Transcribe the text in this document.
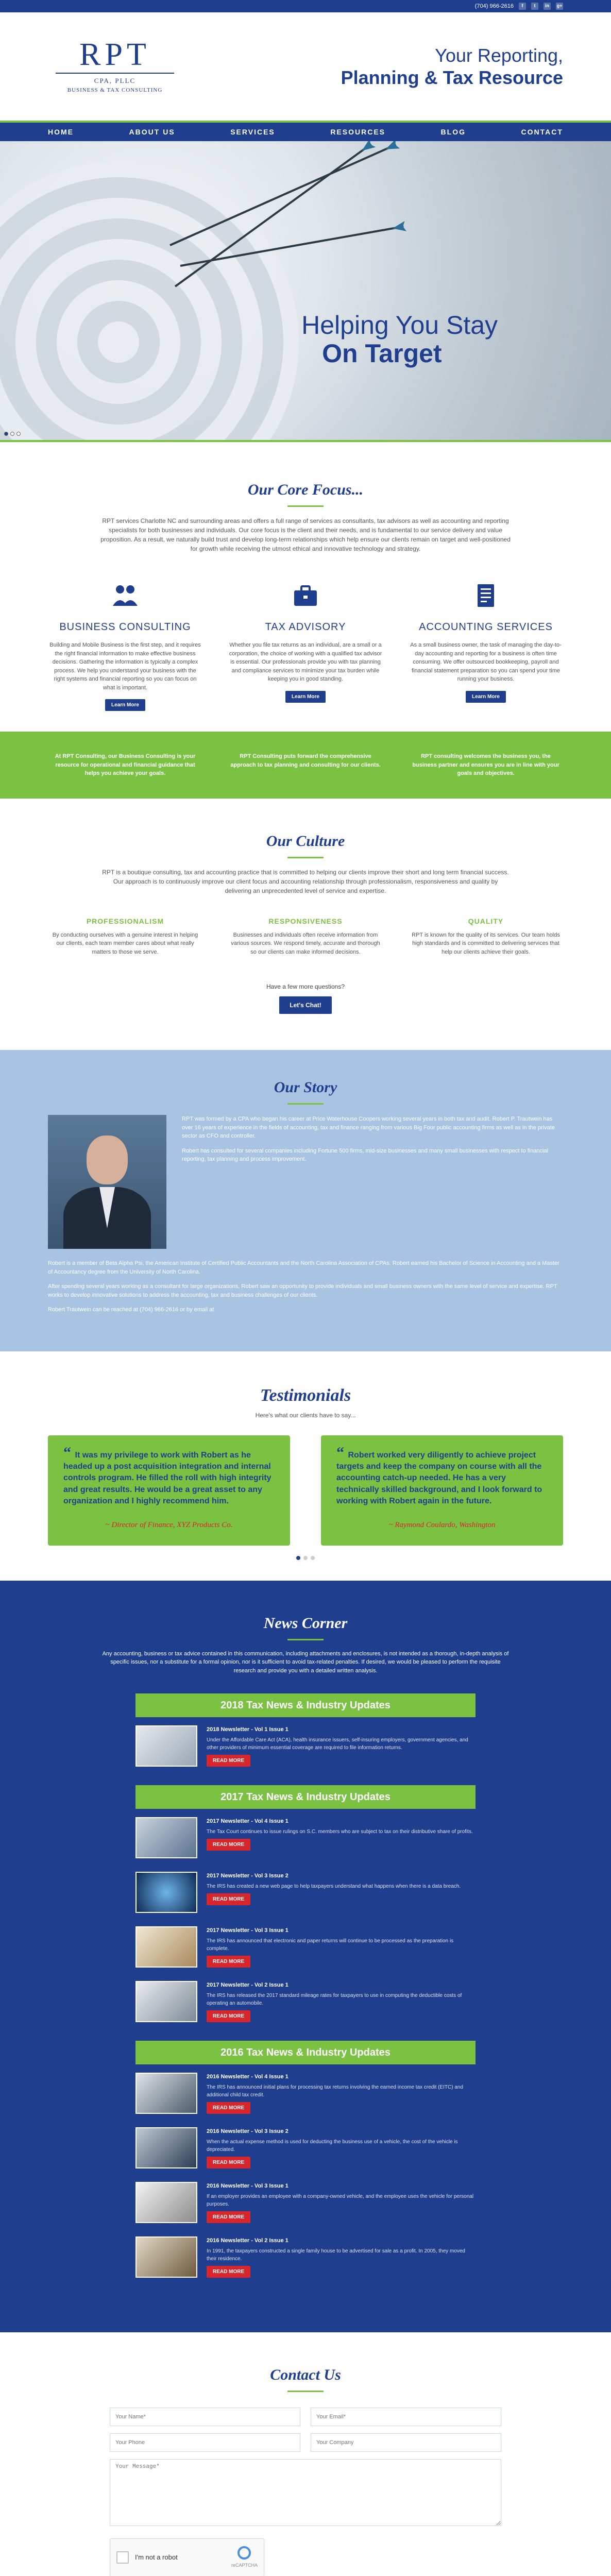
(704) 966-2616	f	t	in	g+
RPT
CPA, PLLC
BUSINESS & TAX CONSULTING
Your Reporting,
Planning & Tax Resource
HOME	ABOUT US	SERVICES	RESOURCES	BLOG	CONTACT
Helping You Stay
On Target
Our Core Focus...

RPT services Charlotte NC and surrounding areas and offers a full range of services as consultants, tax advisors as well as accounting and reporting specialists for both businesses and individuals. Our core focus is the client and their needs, and is fundamental to our service delivery and value proposition. As a result, we naturally build trust and develop long-term relationships which help ensure our clients remain on target and well-positioned for growth while receiving the utmost ethical and innovative technology and strategy.

BUSINESS CONSULTING

Building and Mobile Business is the first step, and it requires the right financial information to make effective business decisions. Gathering the information is typically a complex process. We help you understand your business with the right systems and financial reporting so you can focus on what is important.

Learn More
TAX ADVISORY

Whether you file tax returns as an individual, are a small or a corporation, the choice of working with a qualified tax advisor is essential. Our professionals provide you with tax planning and compliance services to minimize your tax burden while keeping you in good standing.

Learn More
ACCOUNTING SERVICES

As a small business owner, the task of managing the day-to-day accounting and reporting for a business is often time consuming. We offer outsourced bookkeeping, payroll and financial statement preparation so you can spend your time running your business.

Learn More

At RPT Consulting, our Business Consulting is your resource for operational and financial guidance that helps you achieve your goals.

RPT Consulting puts forward the comprehensive approach to tax planning and consulting for our clients.

RPT consulting welcomes the business you, the business partner and ensures you are in line with your goals and objectives.

Our Culture

RPT is a boutique consulting, tax and accounting practice that is committed to helping our clients improve their short and long term financial success. Our approach is to continuously improve our client focus and accounting relationship through professionalism, responsiveness and quality by delivering an unprecedented level of service and expertise.

PROFESSIONALISM

By conducting ourselves with a genuine interest in helping our clients, each team member cares about what really matters to those we serve.

RESPONSIVENESS

Businesses and individuals often receive information from various sources. We respond timely, accurate and thorough so our clients can make informed decisions.

QUALITY

RPT is known for the quality of its services. Our team holds high standards and is committed to delivering services that help our clients achieve their goals.

Have a few more questions?
Let's Chat!
Our Story

RPT was formed by a CPA who began his career at Price Waterhouse Coopers working several years in both tax and audit. Robert P. Trautwein has over 16 years of experience in the fields of accounting, tax and finance ranging from various Big Four public accounting firms as well as in the private sector as CFO and controller.

Robert has consulted for several companies including Fortune 500 firms, mid-size businesses and many small businesses with respect to financial reporting, tax planning and process improvement.

Robert is a member of Beta Alpha Psi, the American Institute of Certified Public Accountants and the North Carolina Association of CPAs. Robert earned his Bachelor of Science in Accounting and a Master of Accountancy degree from the University of North Carolina.

After spending several years working as a consultant for large organizations, Robert saw an opportunity to provide individuals and small business owners with the same level of service and expertise. RPT works to develop innovative solutions to address the accounting, tax and business challenges of our clients.

Robert Trautwein can be reached at (704) 966-2616 or by email at

Testimonials
Here's what our clients have to say...

“ It was my privilege to work with Robert as he headed up a post acquisition integration and internal controls program. He filled the roll with high integrity and great results. He would be a great asset to any organization and I highly recommend him.

~ Director of Finance, XYZ Products Co.

“ Robert worked very diligently to achieve project targets and keep the company on course with all the accounting catch-up needed. He has a very technically skilled background, and I look forward to working with Robert again in the future.

~ Raymond Coulardo, Washington
News Corner

Any accounting, business or tax advice contained in this communication, including attachments and enclosures, is not intended as a thorough, in-depth analysis of specific issues, nor a substitute for a formal opinion, nor is it sufficient to avoid tax-related penalties. If desired, we would be pleased to perform the requisite research and provide you with a detailed written analysis.

2018 Tax News & Industry Updates
2018 Newsletter - Vol 1 Issue 1

Under the Affordable Care Act (ACA), health insurance issuers, self-insuring employers, government agencies, and other providers of minimum essential coverage are required to file information returns.

READ MORE
2017 Tax News & Industry Updates
2017 Newsletter - Vol 4 Issue 1

The Tax Court continues to issue rulings on S.C. members who are subject to tax on their distributive share of profits.

READ MORE
2017 Newsletter - Vol 3 Issue 2

The IRS has created a new web page to help taxpayers understand what happens when there is a data breach.

READ MORE
2017 Newsletter - Vol 3 Issue 1

The IRS has announced that electronic and paper returns will continue to be processed as the preparation is complete.

READ MORE
2017 Newsletter - Vol 2 Issue 1

The IRS has released the 2017 standard mileage rates for taxpayers to use in computing the deductible costs of operating an automobile.

READ MORE
2016 Tax News & Industry Updates
2016 Newsletter - Vol 4 Issue 1

The IRS has announced initial plans for processing tax returns involving the earned income tax credit (EITC) and additional child tax credit.

READ MORE
2016 Newsletter - Vol 3 Issue 2

When the actual expense method is used for deducting the business use of a vehicle, the cost of the vehicle is depreciated.

READ MORE
2016 Newsletter - Vol 3 Issue 1

If an employer provides an employee with a company-owned vehicle, and the employee uses the vehicle for personal purposes.

READ MORE
2016 Newsletter - Vol 2 Issue 1

In 1991, the taxpayers constructed a single family house to be advertised for sale as a profit. In 2005, they moved their residence.

READ MORE
Contact Us
Your Name*
Your Email*
Your Phone
Your Company
Your Message*
I'm not a robot
reCAPTCHA
